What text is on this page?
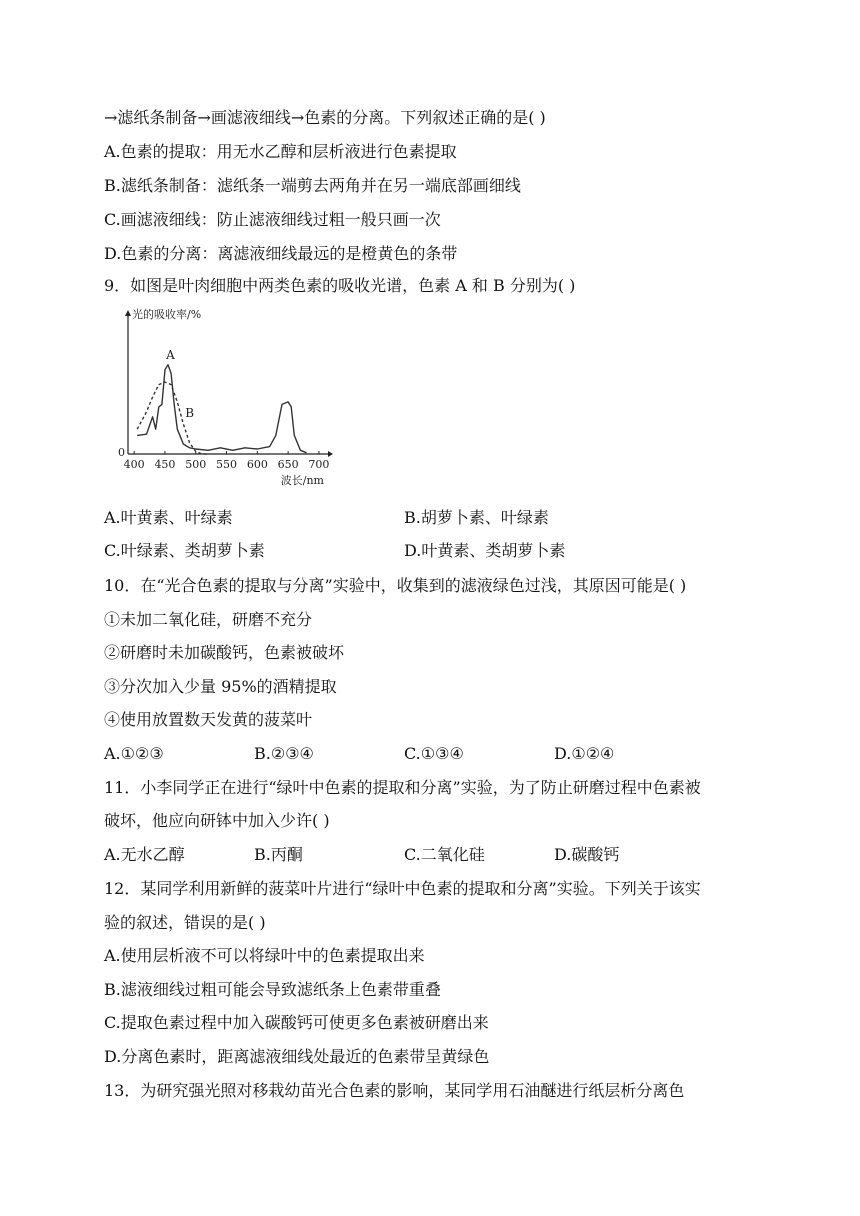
→滤纸条制备→画滤液细线→色素的分离。下列叙述正确的是( )
A.色素的提取：用无水乙醇和层析液进行色素提取
B.滤纸条制备：滤纸条一端剪去两角并在另一端底部画细线
C.画滤液细线：防止滤液细线过粗一般只画一次
D.色素的分离：离滤液细线最远的是橙黄色的条带
9．如图是叶肉细胞中两类色素的吸收光谱，色素 A 和 B 分别为( )
光的吸收率/%
0
400 450 500 550 600 650 700
波长/nm
A
B
A.叶黄素、叶绿素	B.胡萝卜素、叶绿素
C.叶绿素、类胡萝卜素	D.叶黄素、类胡萝卜素
10．在“光合色素的提取与分离”实验中，收集到的滤液绿色过浅，其原因可能是( )
①未加二氧化硅，研磨不充分
②研磨时未加碳酸钙，色素被破坏
③分次加入少量 95%的酒精提取
④使用放置数天发黄的菠菜叶
A.①②③	B.②③④	C.①③④	D.①②④
11．小李同学正在进行“绿叶中色素的提取和分离”实验，为了防止研磨过程中色素被
破坏，他应向研钵中加入少许( )
A.无水乙醇	B.丙酮	C.二氧化硅	D.碳酸钙
12．某同学利用新鲜的菠菜叶片进行“绿叶中色素的提取和分离”实验。下列关于该实
验的叙述，错误的是( )
A.使用层析液不可以将绿叶中的色素提取出来
B.滤液细线过粗可能会导致滤纸条上色素带重叠
C.提取色素过程中加入碳酸钙可使更多色素被研磨出来
D.分离色素时，距离滤液细线处最近的色素带呈黄绿色
13．为研究强光照对移栽幼苗光合色素的影响，某同学用石油醚进行纸层析分离色
